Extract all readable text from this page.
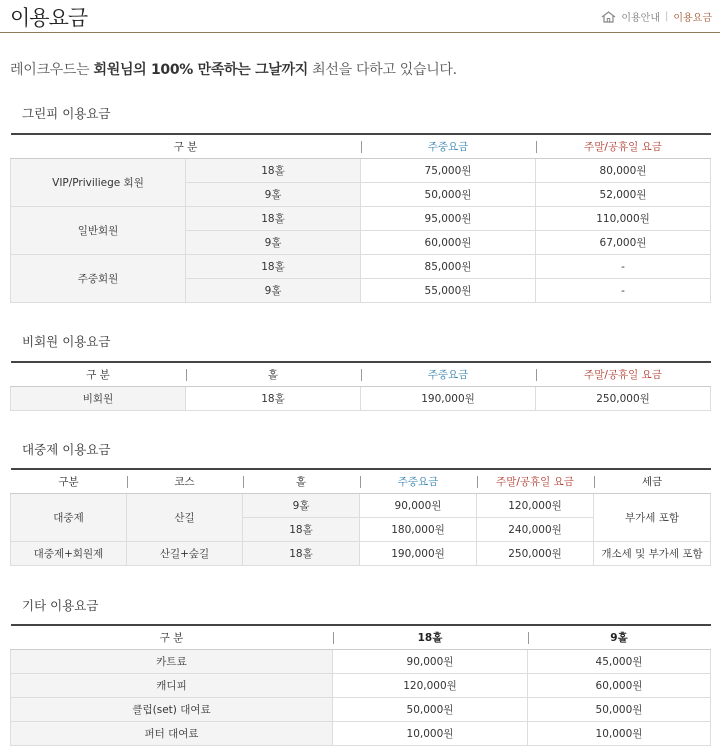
이용요금	이용안내 | 이용요금
레이크우드는 회원님의 100% 만족하는 그날까지 최선을 다하고 있습니다.
그린피 이용요금
구 분		주중요금	주말/공휴일 요금
VIP/Priviliege 회원	18홀	75,000원	80,000원
	9홀	50,000원	52,000원
일반회원	18홀	95,000원	110,000원
	9홀	60,000원	67,000원
주중회원	18홀	85,000원	-
	9홀	55,000원	-
비회원 이용요금
구 분	홀	주중요금	주말/공휴일 요금
비회원	18홀	190,000원	250,000원
대중제 이용요금
구분	코스	홀	주중요금	주말/공휴일 요금	세금
대중제	산길	9홀	90,000원	120,000원	부가세 포함
		18홀	180,000원	240,000원	
대중제+회원제	산길+숲길	18홀	190,000원	250,000원	개소세 및 부가세 포함
기타 이용요금
구 분	18홀	9홀
카트료	90,000원	45,000원
캐디피	120,000원	60,000원
클럽(set) 대여료	50,000원	50,000원
퍼터 대여료	10,000원	10,000원
